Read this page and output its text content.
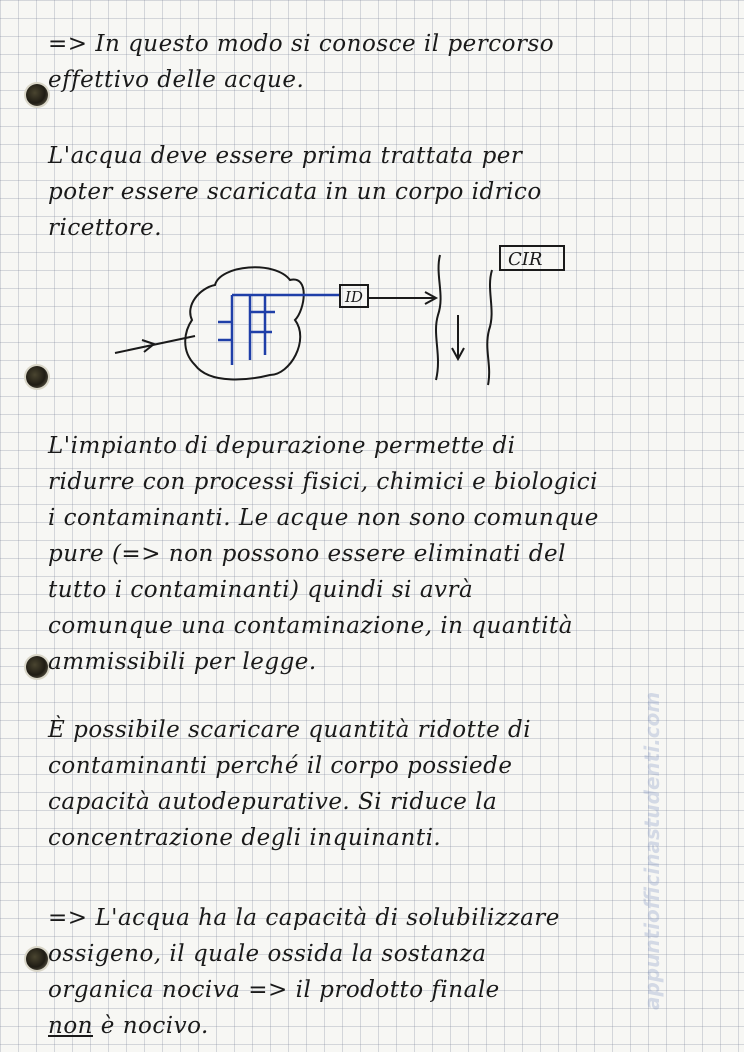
=> In questo modo si conosce il percorso
effettivo delle acque.

L'acqua deve essere prima trattata per
poter essere scaricata in un corpo idrico
ricettore.

ID
CIR

L'impianto di depurazione permette di
ridurre con processi fisici, chimici e biologici
i contaminanti. Le acque non sono comunque
pure (=> non possono essere eliminati del
tutto i contaminanti) quindi si avrà
comunque una contaminazione, in quantità
ammissibili per legge.

È possibile scaricare quantità ridotte di
contaminanti perché il corpo possiede
capacità autodepurative. Si riduce la
concentrazione degli inquinanti.

=> L'acqua ha la capacità di solubilizzare
ossigeno, il quale ossida la sostanza
organica nociva => il prodotto finale
non è nocivo.

appuntiofficinastudenti.com
